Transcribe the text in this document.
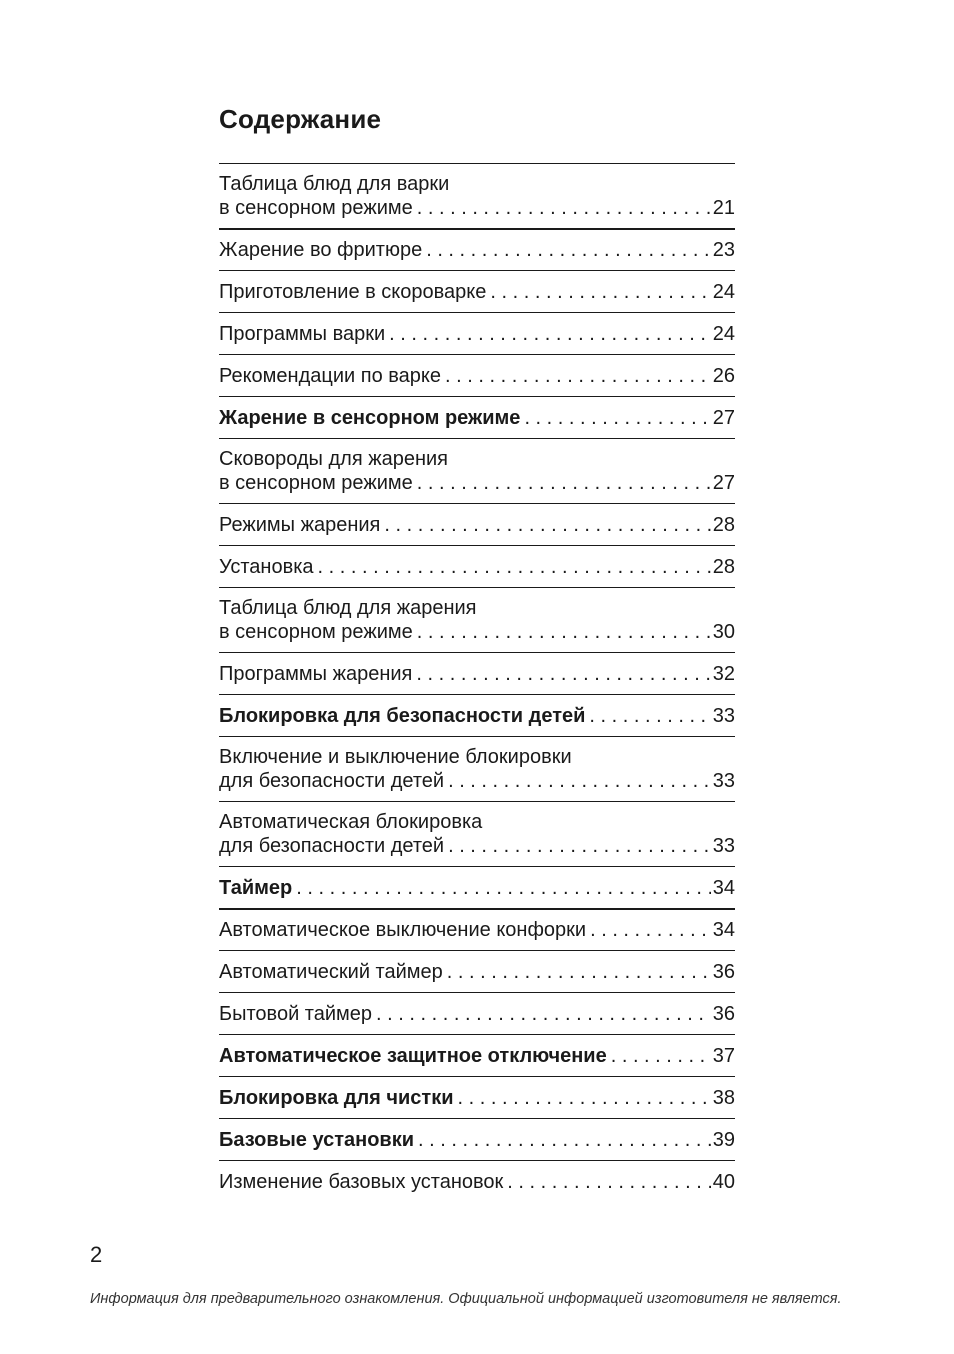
Содержание
Таблица блюд для варки
в сенсорном режиме . . .	21
Жарение во фритюре . . .	23
Приготовление в скороварке . . .	24
Программы варки . . .	24
Рекомендации по варке . . .	26
Жарение в сенсорном режиме . . .	27
Сковороды для жарения
в сенсорном режиме . . .	27
Режимы жарения . . .	28
Установка . . .	28
Таблица блюд для жарения
в сенсорном режиме . . .	30
Программы жарения . . .	32
Блокировка для безопасности детей . . .	33
Включение и выключение блокировки
для безопасности детей . . .	33
Автоматическая блокировка
для безопасности детей . . .	33
Таймер . . .	34
Автоматическое выключение конфорки . . .	34
Автоматический таймер . . .	36
Бытовой таймер . . .	36
Автоматическое защитное отключение . . .	37
Блокировка для чистки . . .	38
Базовые установки . . .	39
Изменение базовых установок . . .	40
2
Информация для предварительного ознакомления. Официальной информацией изготовителя не является.
